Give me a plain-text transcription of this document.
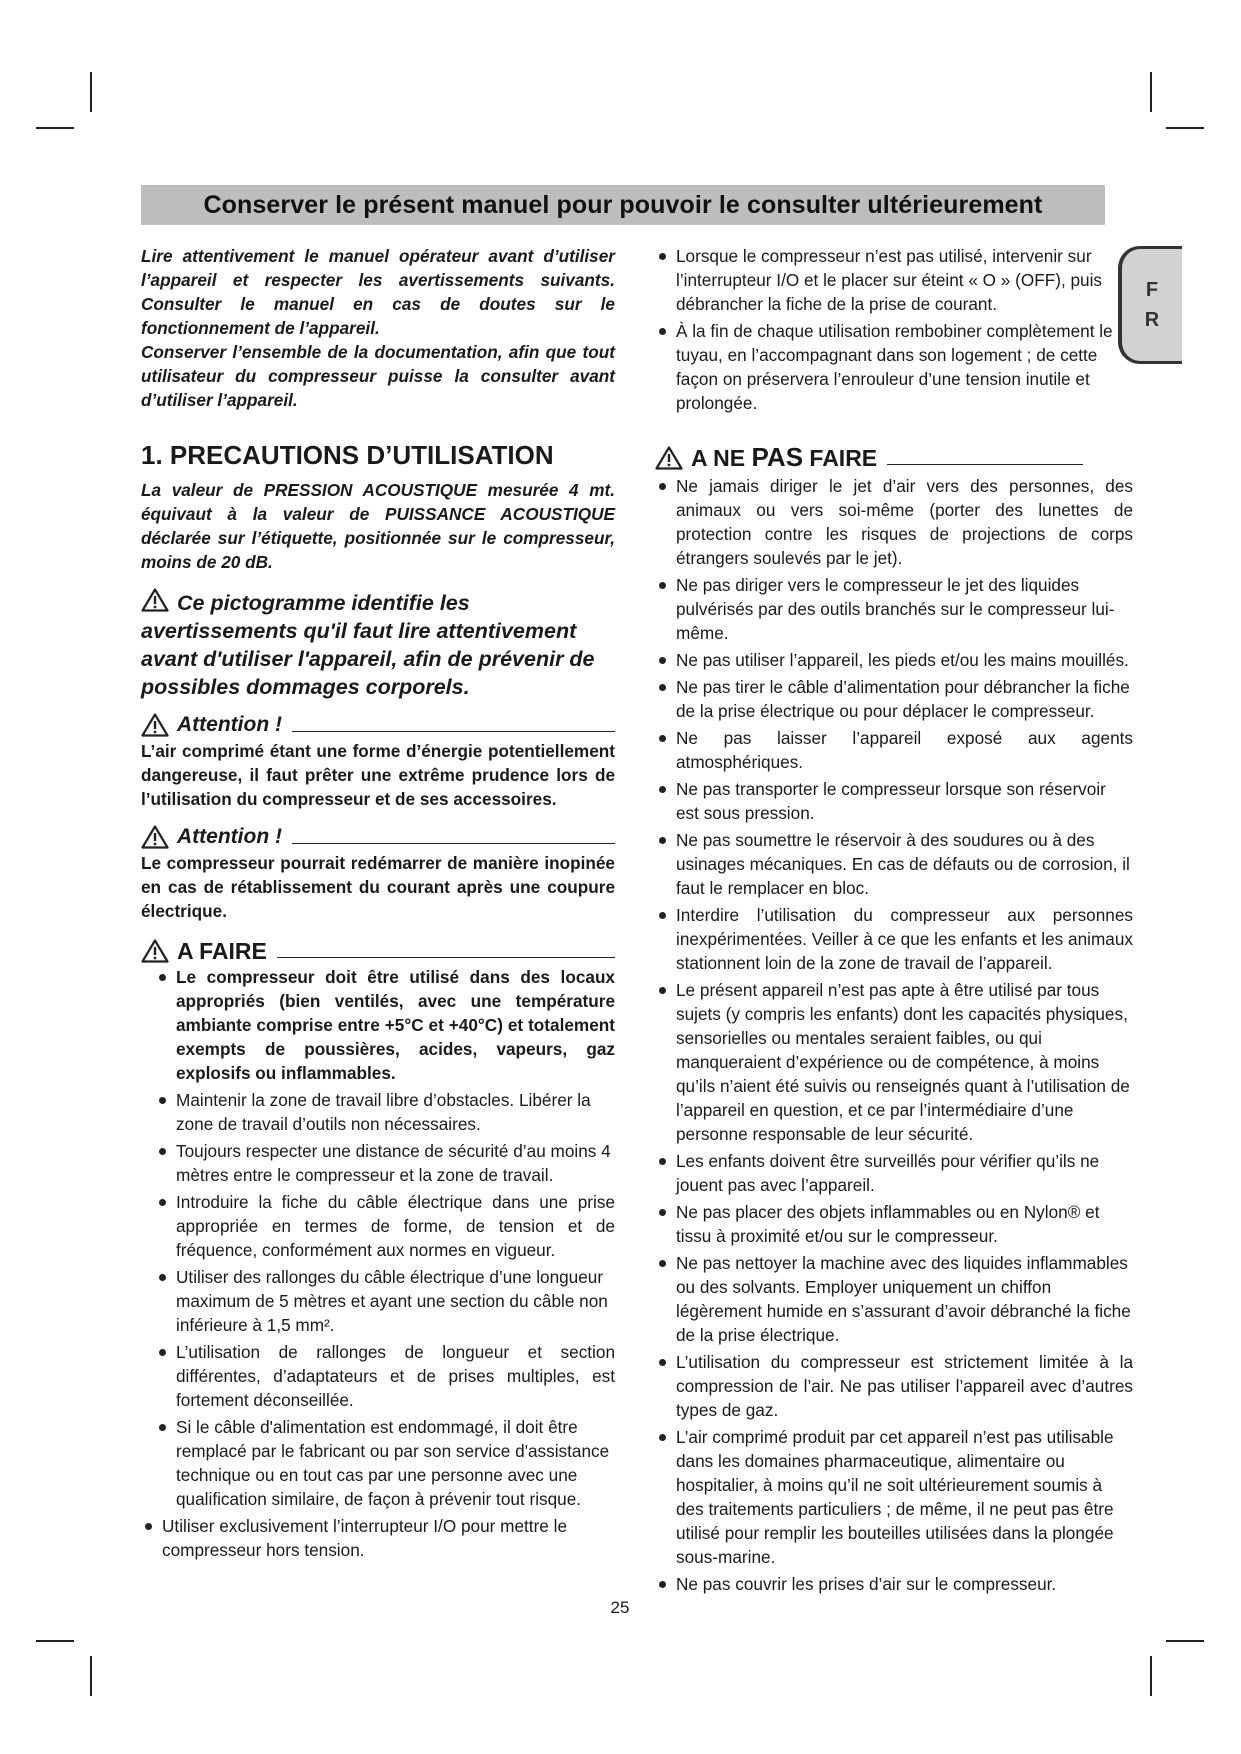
Conserver le présent manuel pour pouvoir le consulter ultérieurement
F
R

Lire attentivement le manuel opérateur avant d’utiliser l’appareil et respecter les avertissements suivants. Consulter le manuel en cas de doutes sur le fonctionnement de l’appareil.

Conserver l’ensemble de la documentation, afin que tout utilisateur du compresseur puisse la consulter avant d’utiliser l’appareil.

1. PRECAUTIONS D’UTILISATION

La valeur de PRESSION ACOUSTIQUE mesurée 4 mt. équivaut à la valeur de PUISSANCE ACOUSTIQUE déclarée sur l’étiquette, positionnée sur le compresseur, moins de 20 dB.

Ce pictogramme identifie les avertissements qu'il faut lire attentivement avant d'utiliser l'appareil, afin de prévenir de possibles dommages corporels.
Attention !

L’air comprimé étant une forme d’énergie potentiellement dangereuse, il faut prêter une extrême prudence lors de l’utilisation du compresseur et de ses accessoires.

Attention !

Le compresseur pourrait redémarrer de manière inopinée en cas de rétablissement du courant après une coupure électrique.

A FAIRE
Le compresseur doit être utilisé dans des locaux appropriés (bien ventilés, avec une température ambiante comprise entre +5°C et +40°C) et totalement exempts de poussières, acides, vapeurs, gaz explosifs ou inflammables.
Maintenir la zone de travail libre d’obstacles. Libérer la zone de travail d’outils non nécessaires.
Toujours respecter une distance de sécurité d’au moins 4 mètres entre le compresseur et la zone de travail.
Introduire la fiche du câble électrique dans une prise appropriée en termes de forme, de tension et de fréquence, conformément aux normes en vigueur.
Utiliser des rallonges du câble électrique d’une longueur maximum de 5 mètres et ayant une section du câble non inférieure à 1,5 mm².
L’utilisation de rallonges de longueur et section différentes, d’adaptateurs et de prises multiples, est fortement déconseillée.
Si le câble d'alimentation est endommagé, il doit être remplacé par le fabricant ou par son service d'assistance technique ou en tout cas par une personne avec une qualification similaire, de façon à prévenir tout risque.
Utiliser exclusivement l’interrupteur I/O pour mettre le compresseur hors tension.
Lorsque le compresseur n’est pas utilisé, intervenir sur l’interrupteur I/O et le placer sur éteint « O » (OFF), puis débrancher la fiche de la prise de courant.
À la fin de chaque utilisation rembobiner complètement le tuyau, en l’accompagnant dans son logement ; de cette façon on préservera l’enrouleur d’une tension inutile et prolongée.
A NE PAS FAIRE
Ne jamais diriger le jet d’air vers des personnes, des animaux ou vers soi-même (porter des lunettes de protection contre les risques de projections de corps étrangers soulevés par le jet).
Ne pas diriger vers le compresseur le jet des liquides pulvérisés par des outils branchés sur le compresseur lui-même.
Ne pas utiliser l’appareil, les pieds et/ou les mains mouillés.
Ne pas tirer le câble d’alimentation pour débrancher la fiche de la prise électrique ou pour déplacer le compresseur.
Ne pas laisser l’appareil exposé aux agents atmosphériques.
Ne pas transporter le compresseur lorsque son réservoir est sous pression.
Ne pas soumettre le réservoir à des soudures ou à des usinages mécaniques. En cas de défauts ou de corrosion, il faut le remplacer en bloc.
Interdire l’utilisation du compresseur aux personnes inexpérimentées. Veiller à ce que les enfants et les animaux stationnent loin de la zone de travail de l’appareil.
Le présent appareil n’est pas apte à être utilisé par tous sujets (y compris les enfants) dont les capacités physiques, sensorielles ou mentales seraient faibles, ou qui manqueraient d’expérience ou de compétence, à moins qu’ils n’aient été suivis ou renseignés quant à l’utilisation de l’appareil en question, et ce par l’intermédiaire d’une personne responsable de leur sécurité.
Les enfants doivent être surveillés pour vérifier qu’ils ne jouent pas avec l’appareil.
Ne pas placer des objets inflammables ou en Nylon® et tissu à proximité et/ou sur le compresseur.
Ne pas nettoyer la machine avec des liquides inflammables ou des solvants. Employer uniquement un chiffon légèrement humide en s’assurant d’avoir débranché la fiche de la prise électrique.
L’utilisation du compresseur est strictement limitée à la compression de l’air. Ne pas utiliser l’appareil avec d’autres types de gaz.
L’air comprimé produit par cet appareil n’est pas utilisable dans les domaines pharmaceutique, alimentaire ou hospitalier, à moins qu’il ne soit ultérieurement soumis à des traitements particuliers ; de même, il ne peut pas être utilisé pour remplir les bouteilles utilisées dans la plongée sous-marine.
Ne pas couvrir les prises d’air sur le compresseur.
25
